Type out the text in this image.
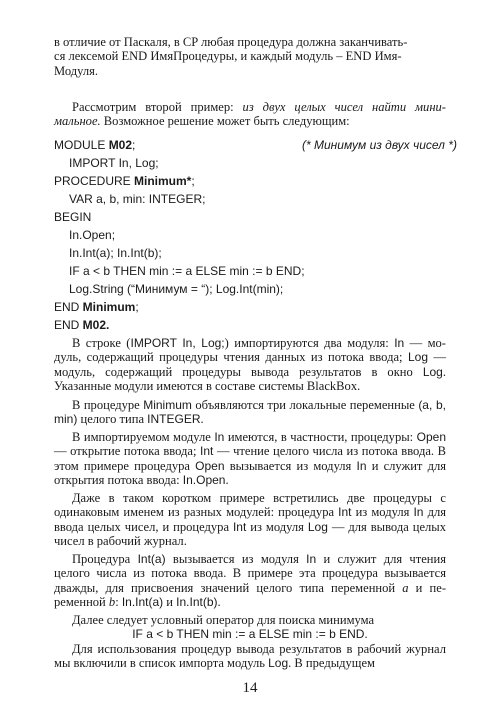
в отличие от Паскаля, в CP любая процедура должна заканчивать-
ся лексемой END ИмяПроцедуры, и каждый модуль – END Имя-
Модуля.

Рассмотрим второй пример: из двух целых чисел найти мини-мальное. Возможное решение может быть следующим:

MODULE M02;	(* Минимум из двух чисел *)
IMPORT In, Log;
PROCEDURE Minimum*;
VAR a, b, min: INTEGER;
BEGIN
In.Open;
In.Int(a); In.Int(b);
IF a < b THEN min := a ELSE min := b END;
Log.String (“Минимум = “); Log.Int(min);
END Minimum;
END M02.

В строке (IMPORT In, Log;) импортируются два модуля: In — мо-дуль, содержащий процедуры чтения данных из потока ввода; Log — модуль, содержащий процедуры вывода результатов в окно Log. Указанные модули имеются в составе системы BlackBox.

В процедуре Minimum объявляются три локальные переменные (a, b, min) целого типа INTEGER.

В импортируемом модуле In имеются, в частности, процедуры: Open — открытие потока ввода; Int — чтение целого числа из потока ввода. В этом примере процедура Open вызывается из модуля In и служит для открытия потока ввода: In.Open.

Даже в таком коротком примере встретились две процедуры с одинаковым именем из разных модулей: процедура Int из модуля In для ввода целых чисел, и процедура Int из модуля Log — для вывода целых чисел в рабочий журнал.

Процедура Int(a) вызывается из модуля In и служит для чтения целого числа из потока ввода. В примере эта процедура вызывается дважды, для присвоения значений целого типа переменной a и пе-ременной b: In.Int(a) и In.Int(b).

Далее следует условный оператор для поиска минимума

IF a < b THEN min := a ELSE min := b END.

Для использования процедур вывода результатов в рабочий журнал мы включили в список импорта модуль Log. В предыдущем

14
